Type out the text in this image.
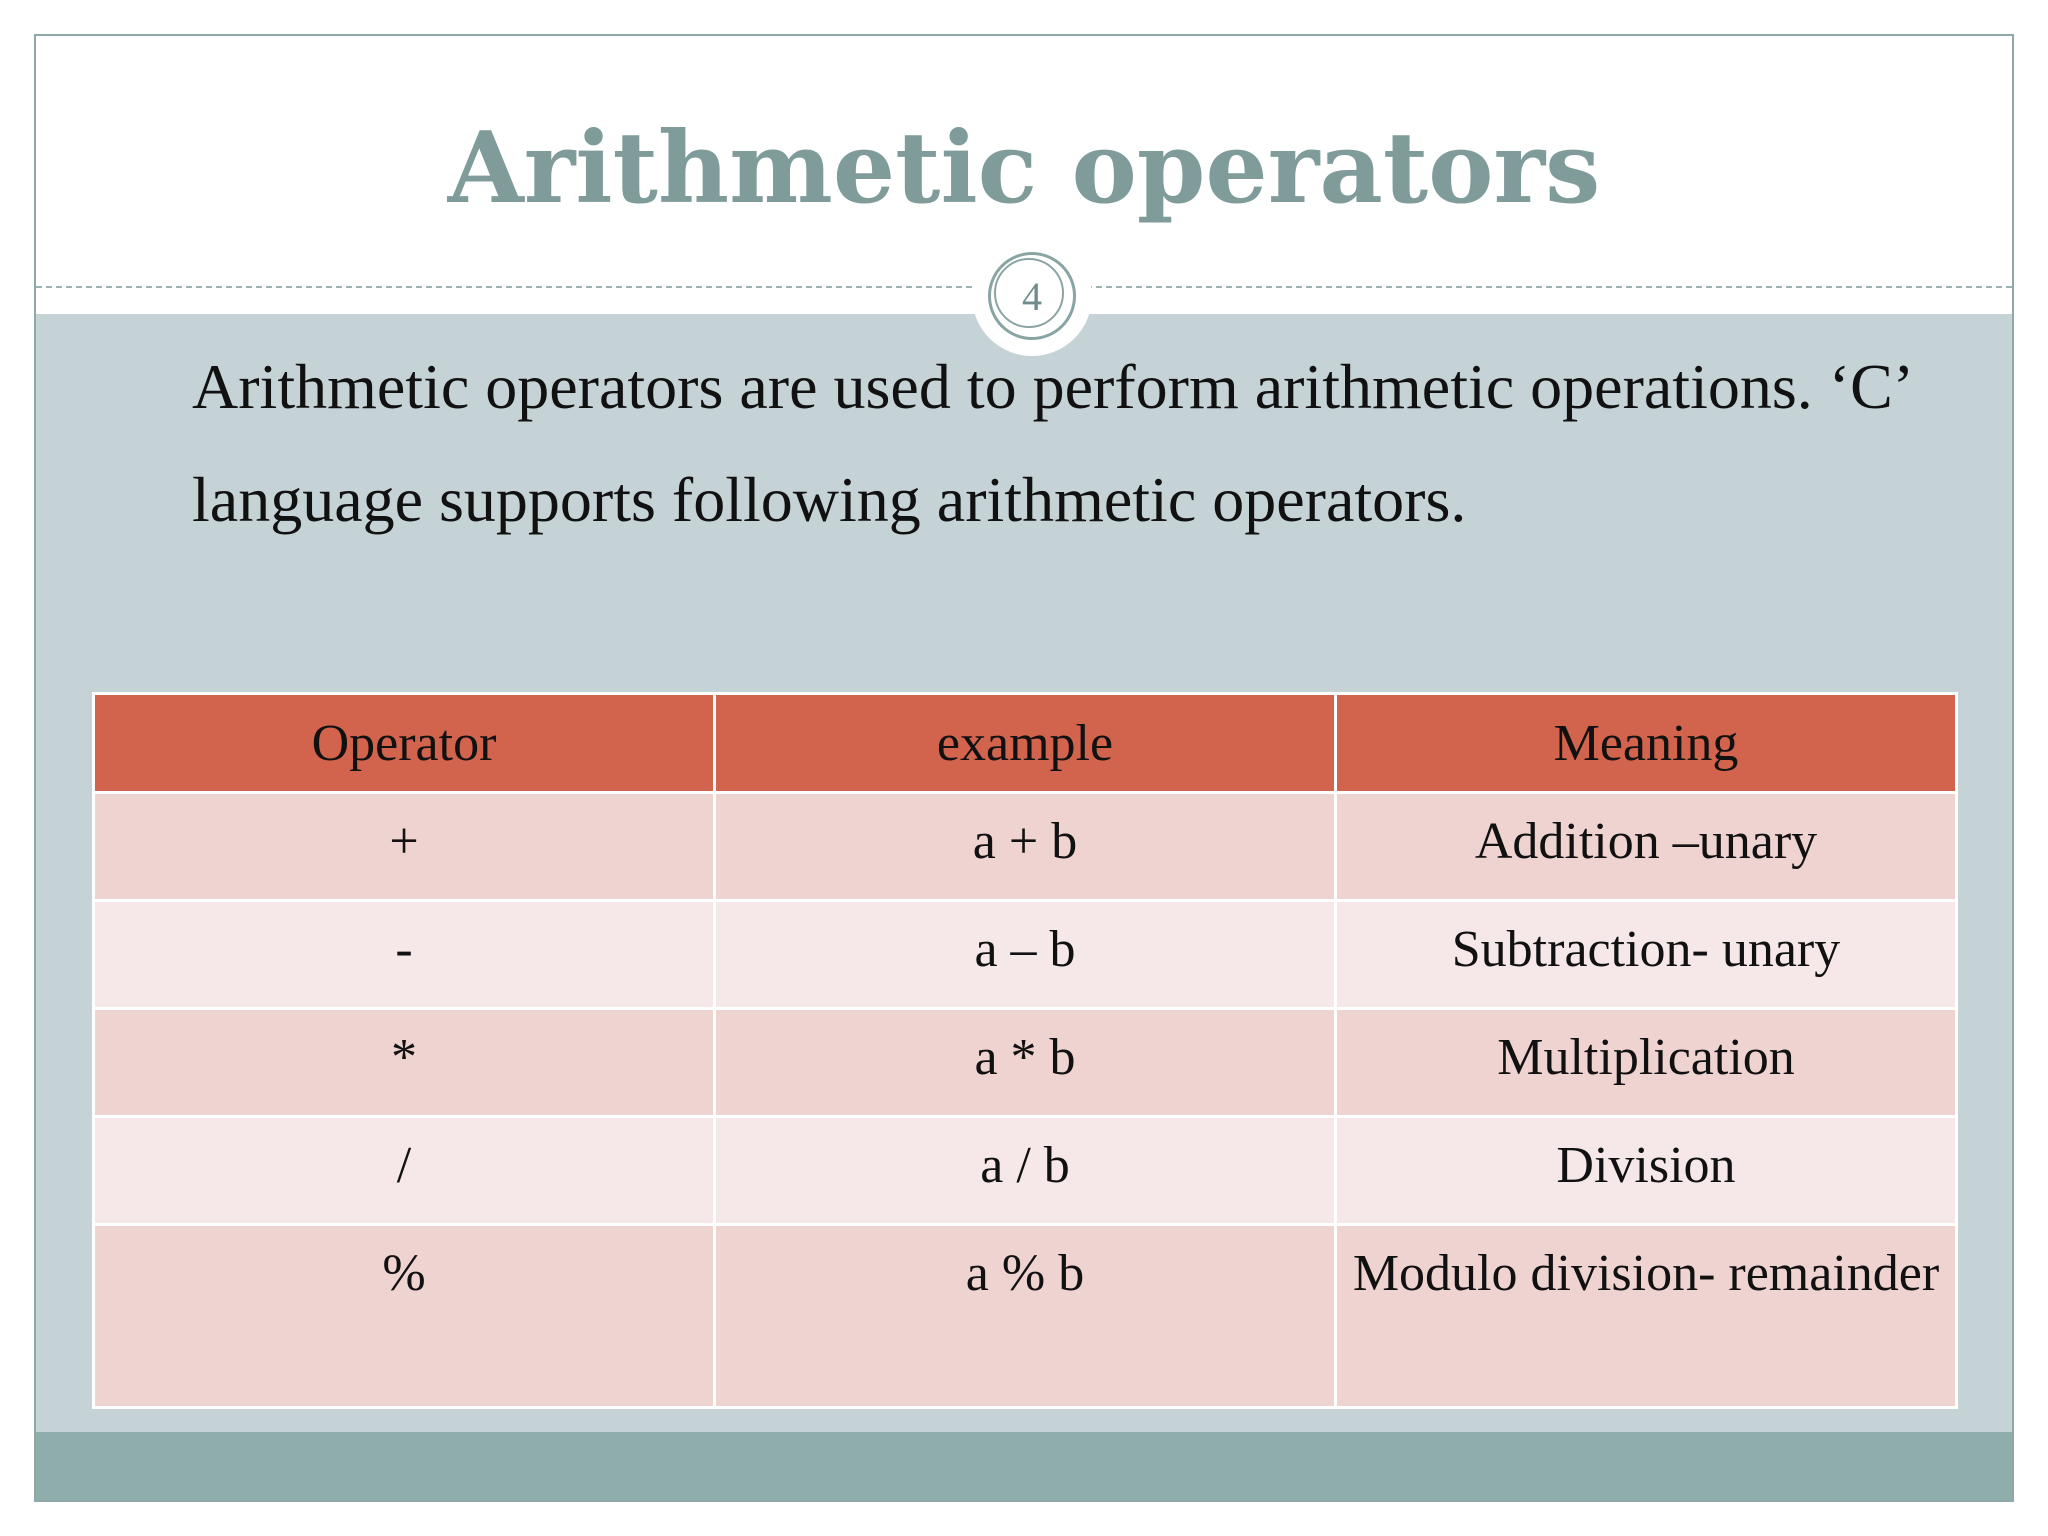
Arithmetic operators
4

Arithmetic operators are used to perform arithmetic operations. ‘C’ language supports following arithmetic operators.

Operator	example	Meaning
+	a + b	Addition –unary
-	a – b	Subtraction- unary
*	a * b	Multiplication
/	a / b	Division
%	a % b	Modulo division- remainder
